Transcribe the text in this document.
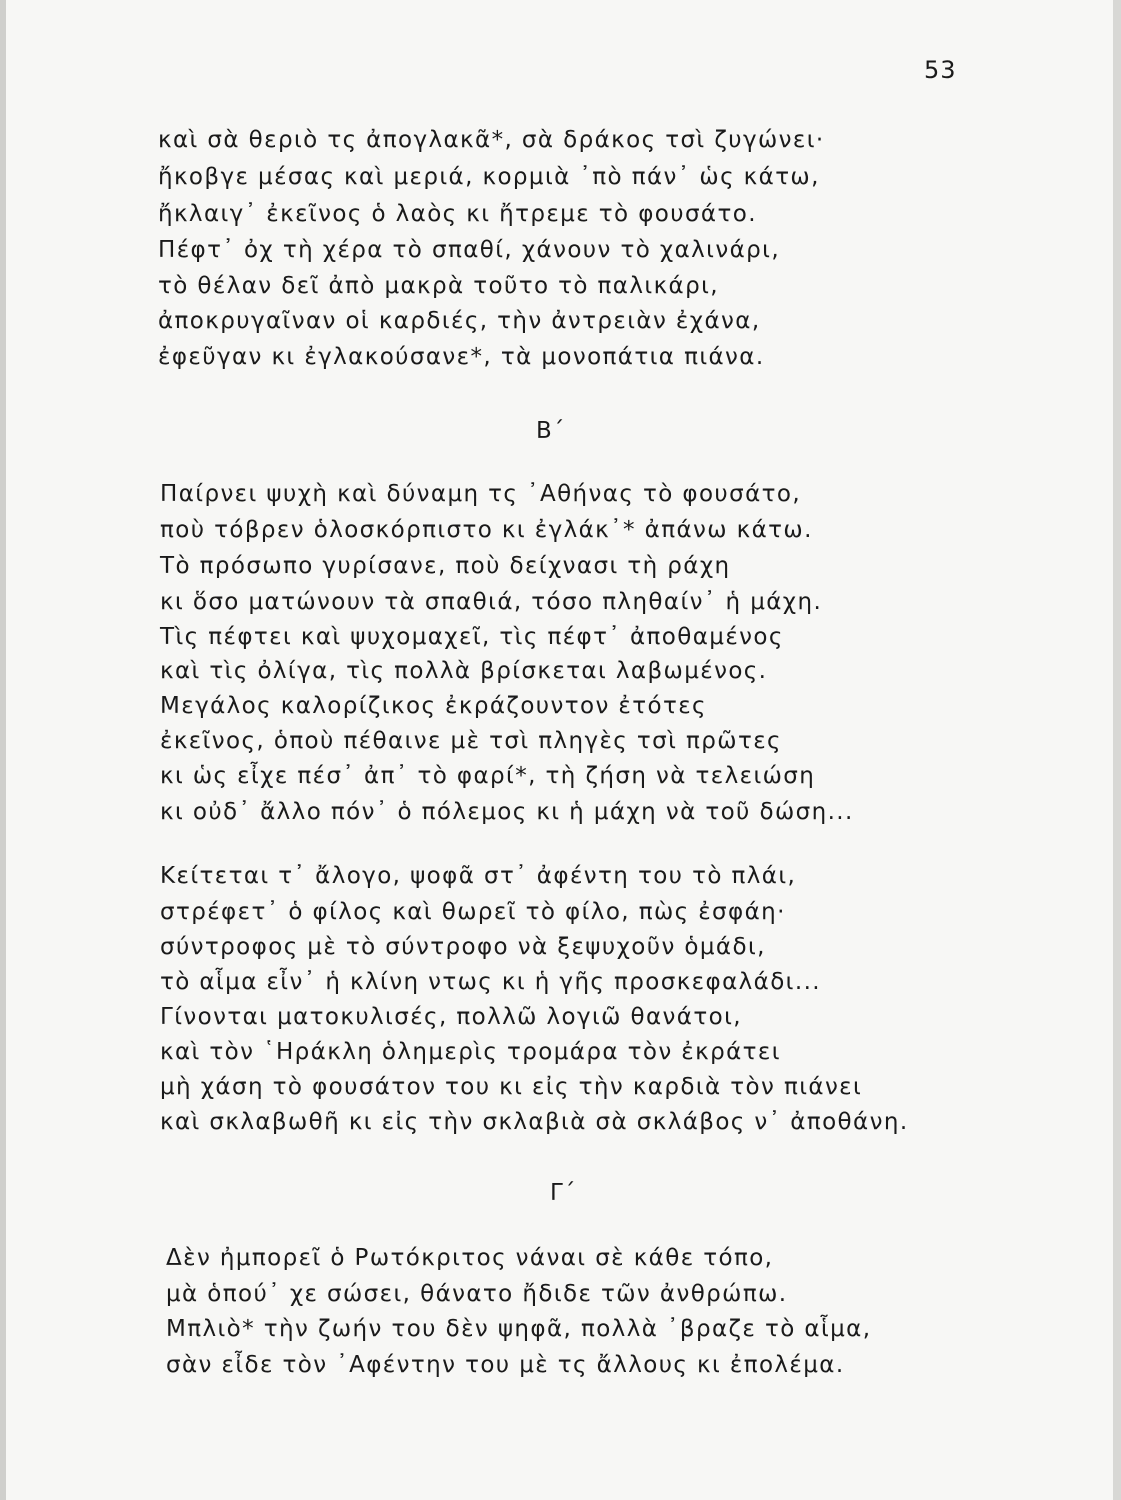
53
καὶ σὰ θεριὸ τς ἀπογλακᾶ*, σὰ δράκος τσὶ ζυγώνει·
ἤκοβγε μέσας καὶ μεριά, κορμιὰ ᾿πὸ πάν᾿ ὡς κάτω,
ἤκλαιγ᾿ ἐκεῖνος ὁ λαὸς κι ἤτρεμε τὸ φουσάτο.
Πέφτ᾿ ὀχ τὴ χέρα τὸ σπαθί, χάνουν τὸ χαλινάρι,
τὸ θέλαν δεῖ ἀπὸ μακρὰ τοῦτο τὸ παλικάρι,
ἀποκρυγαῖναν οἱ καρδιές, τὴν ἀντρειὰν ἐχάνα,
ἐφεῦγαν κι ἐγλακούσανε*, τὰ μονοπάτια πιάνα.
Β΄
Παίρνει ψυχὴ καὶ δύναμη τς ᾿Αθήνας τὸ φουσάτο,
ποὺ τόβρεν ὁλοσκόρπιστο κι ἐγλάκ᾿* ἀπάνω κάτω.
Τὸ πρόσωπο γυρίσανε, ποὺ δείχνασι τὴ ράχη
κι ὅσο ματώνουν τὰ σπαθιά, τόσο πληθαίν᾿ ἡ μάχη.
Τὶς πέφτει καὶ ψυχομαχεῖ, τὶς πέφτ᾿ ἀποθαμένος
καὶ τὶς ὀλίγα, τὶς πολλὰ βρίσκεται λαβωμένος.
Μεγάλος καλορίζικος ἐκράζουντον ἐτότες
ἐκεῖνος, ὁποὺ πέθαινε μὲ τσὶ πληγὲς τσὶ πρῶτες
κι ὡς εἶχε πέσ᾿ ἀπ᾿ τὸ φαρί*, τὴ ζήση νὰ τελειώση
κι οὐδ᾿ ἄλλο πόν᾿ ὁ πόλεμος κι ἡ μάχη νὰ τοῦ δώση...
Κείτεται τ᾿ ἄλογο, ψοφᾶ στ᾿ ἀφέντη του τὸ πλάι,
στρέφετ᾿ ὁ φίλος καὶ θωρεῖ τὸ φίλο, πὼς ἐσφάη·
σύντροφος μὲ τὸ σύντροφο νὰ ξεψυχοῦν ὁμάδι,
τὸ αἷμα εἶν᾿ ἡ κλίνη ντως κι ἡ γῆς προσκεφαλάδι...
Γίνονται ματοκυλισές, πολλῶ λογιῶ θανάτοι,
καὶ τὸν ῾Ηράκλη ὁλημερὶς τρομάρα τὸν ἐκράτει
μὴ χάση τὸ φουσάτον του κι εἰς τὴν καρδιὰ τὸν πιάνει
καὶ σκλαβωθῆ κι εἰς τὴν σκλαβιὰ σὰ σκλάβος ν᾿ ἀποθάνη.
Γ΄
Δὲν ἠμπορεῖ ὁ Ρωτόκριτος νάναι σὲ κάθε τόπο,
μὰ ὁπού᾿ χε σώσει, θάνατο ἤδιδε τῶν ἀνθρώπω.
Μπλιὸ* τὴν ζωήν του δὲν ψηφᾶ, πολλὰ ᾿βραζε τὸ αἷμα,
σὰν εἶδε τὸν ᾿Αφέντην του μὲ τς ἄλλους κι ἐπολέμα.
